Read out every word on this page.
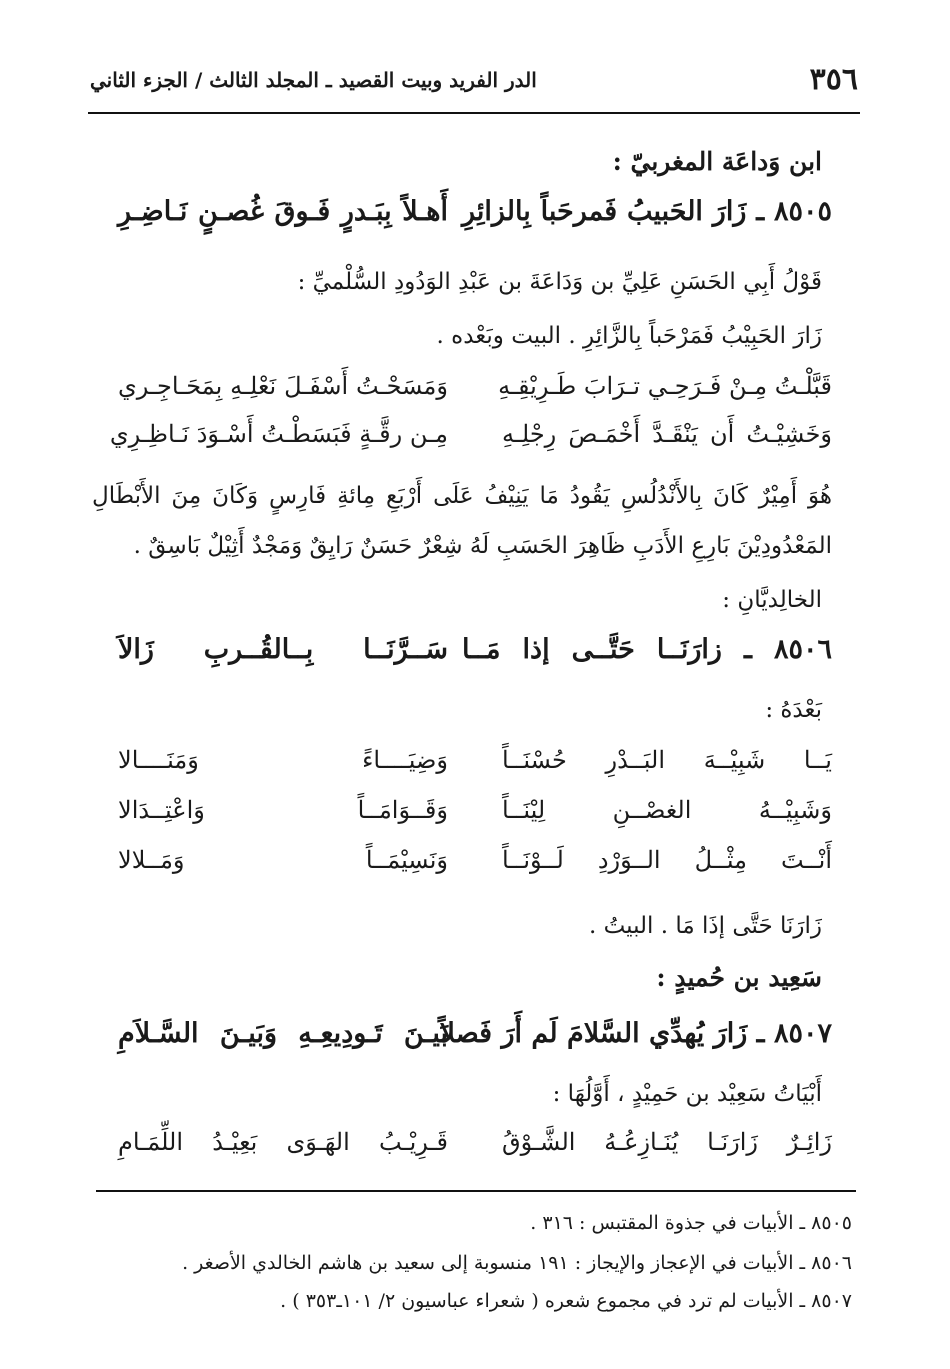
٣٥٦
الدر الفريد وبيت القصيد ـ المجلد الثالث / الجزء الثاني
ابن وَداعَة المغربيّ :
٨٥٠٥ ـ زَارَ الحَبيبُ فَمرحَباً بِالزائِرِ
أَهـلاً بِبَـدرٍ فَـوقَ غُصـنٍ نَـاضِـرِ
قَوْلُ أَبِي الحَسَنِ عَلِيِّ بن وَدَاعَةَ بن عَبْدِ الوَدُودِ السُّلْميِّ :
زَارَ الحَبِيْبُ فَمَرْحَباً بِالزَّائِرِ . البيت وبَعْده .
قَبَّلْـتُ مِـنْ فَـرَحِـي تـرَابَ طَـرِيْقِـهِ
وَمَسَحْـتُ أَسْفَـلَ نَعْلِـهِ بِمَحَـاجِـري
وَخَشِيْـتُ أَن يَنْقَـدَّ أَخْمَـصَ رِجْلِـهِ
مِـن رقَّـةٍ فَبَسَطْـتُ أَسْـوَدَ نَـاظِـرِي
هُوَ أَمِيْرٌ كَانَ بِالأَنْدُلُسِ يَقُودُ مَا يَنِيْفُ عَلَى أَرْبَعِ مِائةِ فَارِسٍ وَكَانَ مِنَ الأَبْطَالِ
المَعْدُودِيْنَ بَارِعِ الأَدَبِ ظَاهِرَ الحَسَبِ لَهُ شِعْرٌ حَسَنٌ رَايِقٌ وَمَجْدٌ أَثِيْلٌ بَاسِقٌ .
الخالِديَّانِ :
٨٥٠٦ ـ زارَنَــا حَتَّــى إذا مَــا
سَــرَّنَــا بِــالقُــربِ زَالاَ
بَعْدَهُ :
يَــا شَبِيْــهَ البَــدْرِ حُسْنَــاً
وَضِيَــــاءً وَمَنَــــالا
وَشَبِيْــهُ الغصْــنِ لِيْنَــاً
وَقَــوَامَــاً وَاعْتِــدَالا
أَنْــتَ مِثْــلُ الــوَرْدِ لَــوْنَــاً
وَنَسِيْمَــاً وَمَــلالا
زَارَنَا حَتَّى إذَا مَا . البيتُ .
سَعِيد بن حُميدٍ :
٨٥٠٧ ـ زَارَ يُهدِّي السَّلامَ لَم أَرَ فَصلاً
بَيـنَ تَـودِيعِـهِ وَبَيـنَ السَّـلاَمِ
أَبْيَاتُ سَعِيْد بن حَمِيْدٍ ، أَوَّلُهَا :
زَائِـرٌ زَارَنَـا يُنَـازِعُـهُ الشَّـوْقُ
قَـرِيْـبُ الهَـوَى بَعِيْـدُ اللِّمَـامِ
٨٥٠٥ ـ الأبيات في جذوة المقتبس : ٣١٦ .
٨٥٠٦ ـ الأبيات في الإعجاز والإيجاز : ١٩١ منسوبة إلى سعيد بن هاشم الخالدي الأصغر .
٨٥٠٧ ـ الأبيات لم ترد في مجموع شعره ( شعراء عباسيون ٢/ ١٠١ـ٣٥٣ ) .
